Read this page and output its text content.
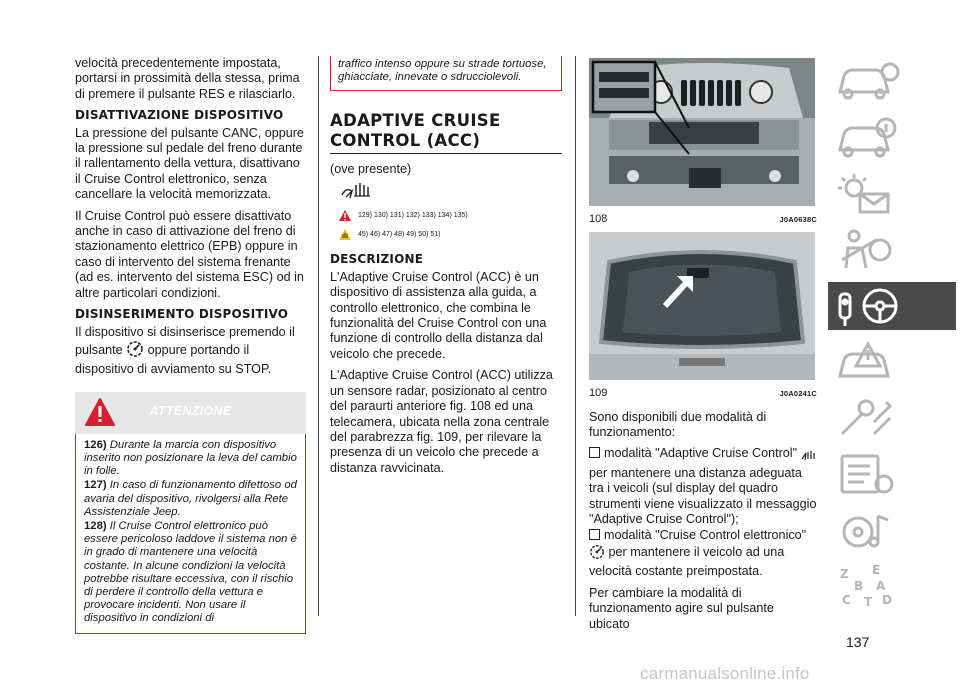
velocità precedentemente impostata, portarsi in prossimità della stessa, prima di premere il pulsante RES e rilasciarlo.

DISATTIVAZIONE DISPOSITIVO

La pressione del pulsante CANC, oppure la pressione sul pedale del freno durante il rallentamento della vettura, disattivano il Cruise Control elettronico, senza cancellare la velocità memorizzata.

Il Cruise Control può essere disattivato anche in caso di attivazione del freno di stazionamento elettrico (EPB) oppure in caso di intervento del sistema frenante (ad es. intervento del sistema ESC) od in altre particolari condizioni.

DISINSERIMENTO DISPOSITIVO

Il dispositivo si disinserisce premendo il pulsante oppure portando il dispositivo di avviamento su STOP.

ATTENZIONE
126) Durante la marcia con dispositivo inserito non posizionare la leva del cambio in folle.
127) In caso di funzionamento difettoso od avaria del dispositivo, rivolgersi alla Rete Assistenziale Jeep.
128) Il Cruise Control elettronico può essere pericoloso laddove il sistema non è in grado di mantenere una velocità costante. In alcune condizioni la velocità potrebbe risultare eccessiva, con il rischio di perdere il controllo della vettura e provocare incidenti. Non usare il dispositivo in condizioni di
traffico intenso oppure su strade tortuose, ghiacciate, innevate o sdrucciolevoli.
ADAPTIVE CRUISE
CONTROL (ACC)

(ove presente)

129) 130) 131) 132) 133) 134) 135)
45) 46) 47) 48) 49) 50) 51)
DESCRIZIONE

L'Adaptive Cruise Control (ACC) è un dispositivo di assistenza alla guida, a controllo elettronico, che combina le funzionalità del Cruise Control con una funzione di controllo della distanza dal veicolo che precede.

L'Adaptive Cruise Control (ACC) utilizza un sensore radar, posizionato al centro del paraurti anteriore fig. 108 ed una telecamera, ubicata nella zona centrale del parabrezza fig. 109, per rilevare la presenza di un veicolo che precede a distanza ravvicinata.

108	J0A0638C
109	J0A0241C

Sono disponibili due modalità di funzionamento:

modalità "Adaptive Cruise Control"  per mantenere una distanza adeguata tra i veicoli (sul display del quadro strumenti viene visualizzato il messaggio "Adaptive Cruise Control");

modalità "Cruise Control elettronico"
per mantenere il veicolo ad una velocità costante preimpostata.

Per cambiare la modalità di funzionamento agire sul pulsante ubicato

Z E
B A
C T D
137
carmanualsonline.info
